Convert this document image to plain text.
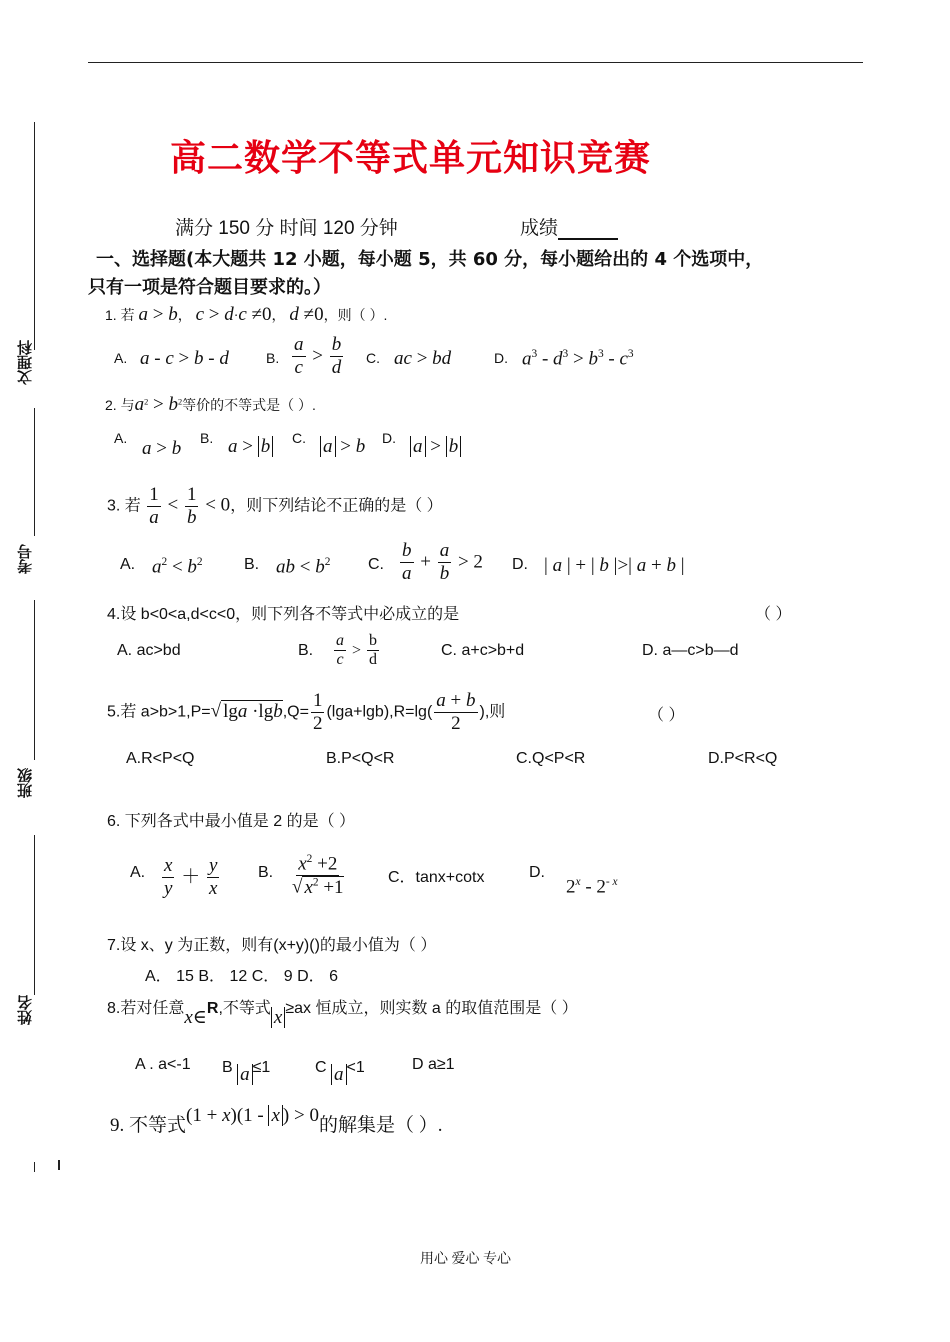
文理科
考号
班级
姓名
高二数学不等式单元知识竞赛
满分 150 分 时间 120 分钟	成绩
一、选择题(本大题共 12 小题，每小题 5，共 60 分，每小题给出的 4 个选项中，
只有一项是符合题目要求的。）
1. 若 a > b， c > d·c ≠0， d ≠0，则（ ）.
A. a - c > b - d	B. $\frac{a}{c} > \frac{b}{d} C$. ac > bd	D. $a^3 - d^3 > b^3 - c^3$
2. 与$a^2 > b^2$等价的不等式是（ ）.
A. a > b B. a > b C. a > b D. a > b
3. 若 $\frac{1}{a} < \frac{1}{b} < 0$，则下列结论不正确的是（ ）
A. $a^2 < b^2$	B. ab < $b^2$ C. $\frac{b}{a} + \frac{a}{b} > 2$ D. | a | + | b |>| a + b |
4.设 b<0<a,d<c<0，则下列各不等式中必成立的是	（ ）
A. ac>bd	B. $\frac{a}{c} > \frac{b}{d}$	C. a+c>b+d	D. a—c>b—d
5.若 a>b>1,P=√ $\lg a \cdot\lg b,Q= \frac{1}{2} (\lg a+\lg b),R=\lg( \frac{a + b}{2}$ ),则	（ ）
A.R<P<Q	B.P<Q<R	C.Q<P<R	D.P<R<Q
6. 下列各式中最小值是 2 的是（ ）
A. $\frac{x}{y} + \frac{y}{x} B$. $\frac{x^2 +2}{√ x^2 +1}$	C．tanx+cotx	D.
$2^x - 2^{- x}$
7.设 x、y 为正数，则有(x+y)()的最小值为（ ）
A． 15 B． 12 C． 9 D． 6
8.若对任意x∈R,不等式 x ≥ax 恒成立，则实数 a 的取值范围是（ ）
A . a<-1 B a ≤1	C a <1	D a≥1
9. 不等式(1 + x)(1 - x ) > 0的解集是（ ）.
用心 爱心 专心
